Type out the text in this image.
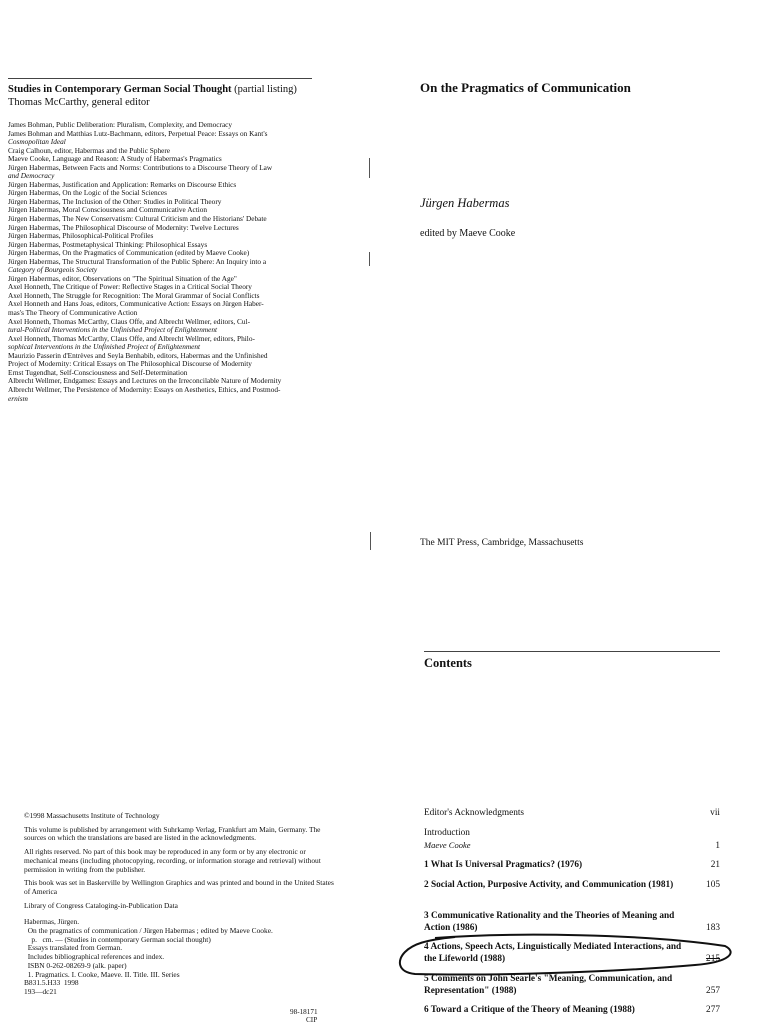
Studies in Contemporary German Social Thought (partial listing)
Thomas McCarthy, general editor
James Bohman, Public Deliberation: Pluralism, Complexity, and Democracy
James Bohman and Matthias Lutz-Bachmann, editors, Perpetual Peace: Essays on Kant's
Cosmopolitan Ideal
Craig Calhoun, editor, Habermas and the Public Sphere
Maeve Cooke, Language and Reason: A Study of Habermas's Pragmatics
Jürgen Habermas, Between Facts and Norms: Contributions to a Discourse Theory of Law
and Democracy
Jürgen Habermas, Justification and Application: Remarks on Discourse Ethics
Jürgen Habermas, On the Logic of the Social Sciences
Jürgen Habermas, The Inclusion of the Other: Studies in Political Theory
Jürgen Habermas, Moral Consciousness and Communicative Action
Jürgen Habermas, The New Conservatism: Cultural Criticism and the Historians' Debate
Jürgen Habermas, The Philosophical Discourse of Modernity: Twelve Lectures
Jürgen Habermas, Philosophical-Political Profiles
Jürgen Habermas, Postmetaphysical Thinking: Philosophical Essays
Jürgen Habermas, On the Pragmatics of Communication (edited by Maeve Cooke)
Jürgen Habermas, The Structural Transformation of the Public Sphere: An Inquiry into a
Category of Bourgeois Society
Jürgen Habermas, editor, Observations on "The Spiritual Situation of the Age"
Axel Honneth, The Critique of Power: Reflective Stages in a Critical Social Theory
Axel Honneth, The Struggle for Recognition: The Moral Grammar of Social Conflicts
Axel Honneth and Hans Joas, editors, Communicative Action: Essays on Jürgen Haber-
mas's The Theory of Communicative Action
Axel Honneth, Thomas McCarthy, Claus Offe, and Albrecht Wellmer, editors, Cul-
tural-Political Interventions in the Unfinished Project of Enlightenment
Axel Honneth, Thomas McCarthy, Claus Offe, and Albrecht Wellmer, editors, Philo-
sophical Interventions in the Unfinished Project of Enlightenment
Maurizio Passerin d'Entrèves and Seyla Benhabib, editors, Habermas and the Unfinished
Project of Modernity: Critical Essays on The Philosophical Discourse of Modernity
Ernst Tugendhat, Self-Consciousness and Self-Determination
Albrecht Wellmer, Endgames: Essays and Lectures on the Irreconcilable Nature of Modernity
Albrecht Wellmer, The Persistence of Modernity: Essays on Aesthetics, Ethics, and Postmod-
ernism
On the Pragmatics of Communication
Jürgen Habermas
edited by Maeve Cooke
The MIT Press, Cambridge, Massachusetts
Contents
Editor's Acknowledgments	vii
Introduction
Maeve Cooke	1
1 What Is Universal Pragmatics? (1976)	21
2 Social Action, Purposive Activity, and Communication (1981)	105
3 Communicative Rationality and the Theories of Meaning and Action (1986)	183
4 Actions, Speech Acts, Linguistically Mediated Interactions, and the Lifeworld (1988)	215
5 Comments on John Searle's "Meaning, Communication, and Representation" (1988)	257
6 Toward a Critique of the Theory of Meaning (1988)	277

©1998 Massachusetts Institute of Technology

This volume is published by arrangement with Suhrkamp Verlag, Frankfurt am Main, Germany. The sources on which the translations are based are listed in the acknowledgments.

All rights reserved. No part of this book may be reproduced in any form or by any electronic or mechanical means (including photocopying, recording, or information storage and retrieval) without permission in writing from the publisher.

This book was set in Baskerville by Wellington Graphics and was printed and bound in the United States of America

Library of Congress Cataloging-in-Publication Data

Habermas, Jürgen.
On the pragmatics of communication / Jürgen Habermas ; edited by Maeve Cooke.
p.   cm. — (Studies in contemporary German social thought)
Essays translated from German.
Includes bibliographical references and index.
ISBN 0-262-08269-9 (alk. paper)
1. Pragmatics. I. Cooke, Maeve. II. Title. III. Series
B831.5.H33  1998
193—dc21
98-18171
CIP
